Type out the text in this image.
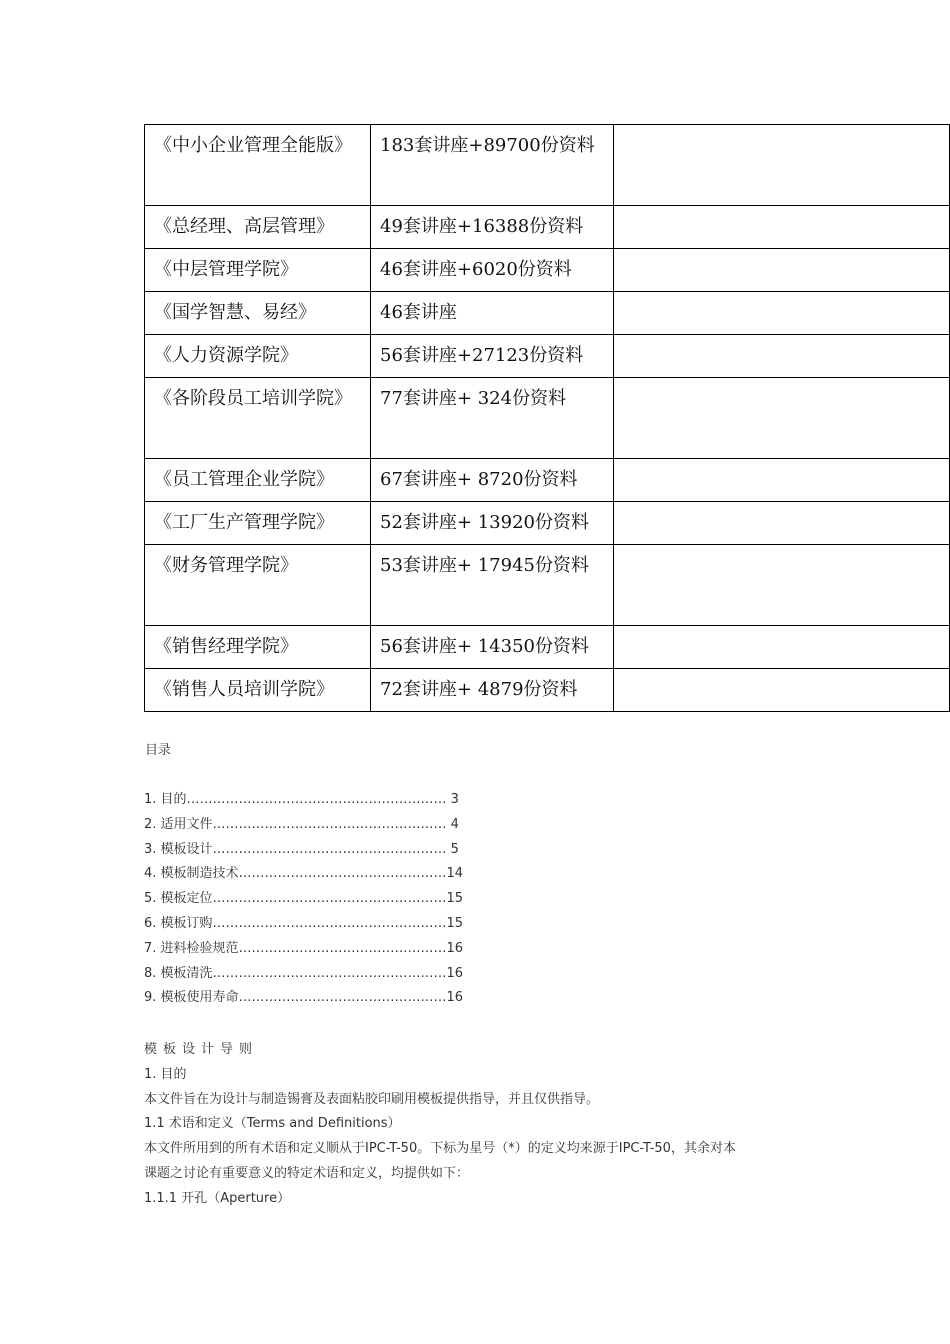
《中小企业管理全能版》	183套讲座+89700份资料	
《总经理、高层管理》	49套讲座+16388份资料	
《中层管理学院》	46套讲座+6020份资料	
《国学智慧、易经》	46套讲座	
《人力资源学院》	56套讲座+27123份资料	
《各阶段员工培训学院》	77套讲座+ 324份资料	
《员工管理企业学院》	67套讲座+ 8720份资料	
《工厂生产管理学院》	52套讲座+ 13920份资料	
《财务管理学院》	53套讲座+ 17945份资料	
《销售经理学院》	56套讲座+ 14350份资料	
《销售人员培训学院》	72套讲座+ 4879份资料	
目录
1. 目的…………………………………………………… 3
2. 适用文件……………………………………………… 4
3. 模板设计……………………………………………… 5
4. 模板制造技术…………………………………………14
5. 模板定位………………………………………………15
6. 模板订购………………………………………………15
7. 进料检验规范…………………………………………16
8. 模板清洗………………………………………………16
9. 模板使用寿命…………………………………………16
模板设计导则
1. 目的
本文件旨在为设计与制造锡膏及表面粘胶印刷用模板提供指导，并且仅供指导。
1.1 术语和定义（Terms and Definitions）
本文件所用到的所有术语和定义顺从于IPC-T-50。下标为星号（*）的定义均来源于IPC-T-50，其余对本
课题之讨论有重要意义的特定术语和定义，均提供如下：
1.1.1 开孔（Aperture）
